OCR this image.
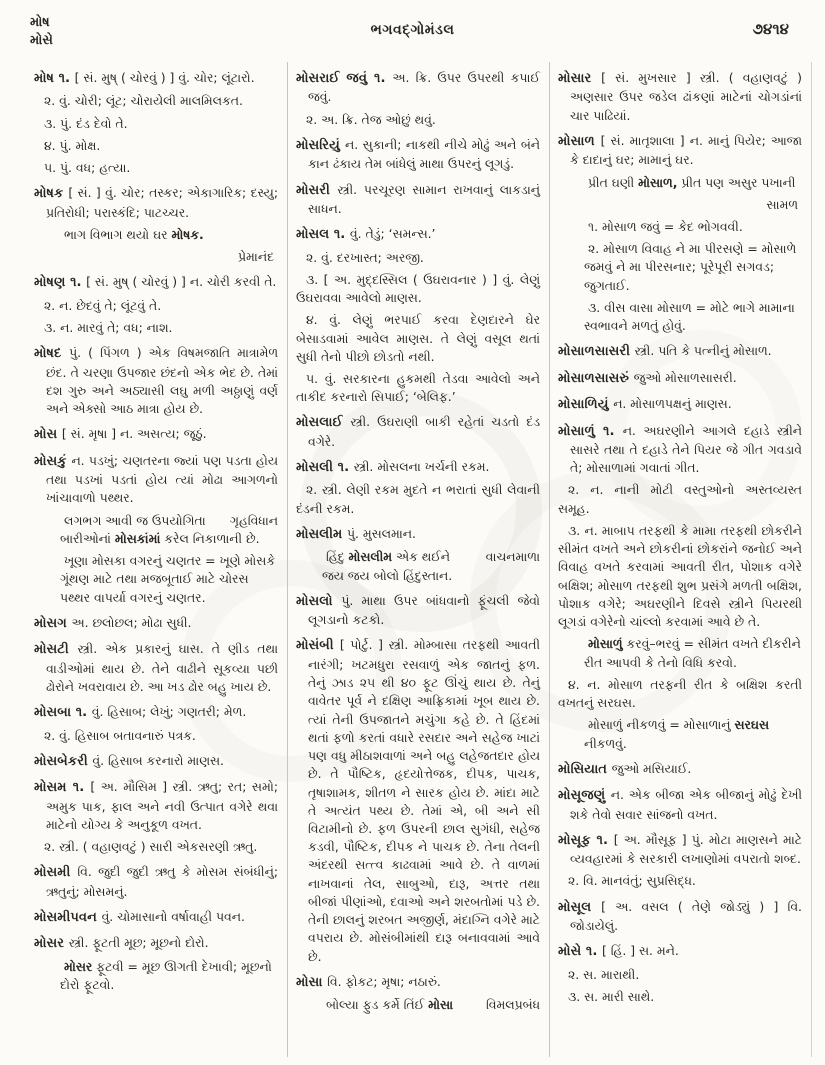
મોષ
મોસે
ભગવદ્ગોમંડલ	૭૪૧૪
મોષ ૧. [ સં. મુષ્ ( ચોરવું ) ] વું. ચોર; લૂંટારો.
૨. વું. ચોરી; લૂંટ; ચોરાયેલી માલમિલકત.
૩. પું. દંડ દેવો તે.
૪. પું. મોક્ષ.
૫. પું. વધ; હત્યા.
મોષક [ સં. ] વું. ચોર; તસ્કર; એકાગારિક; દસ્યુ; પ્રતિરોધી; પરાસ્કંદિ; પાટચ્ચર.
ભાગ વિભાગ થયો ઘર મોષક.
પ્રેમાનંદ
મોષણ ૧. [ સં. મુષ્ ( ચોરવું ) ] ન. ચોરી કરવી તે.
૨. ન. છેદવું તે; લૂંટવું તે.
૩. ન. મારવું તે; વધ; નાશ.
મોષદ પું. ( પિંગળ ) એક વિષમજાતિ માત્રામેળ છંદ. તે ચરણા ઉપજાર છંદનો એક ભેદ છે. તેમાં દશ ગુરુ અને અઠ્યાસી લઘુ મળી અઠ્ઠાણું વર્ણ અને એક્સો આઠ માત્રા હોય છે.
મોસ [ સં. મૃષા ] ન. અસત્ય; જૂઠું.
મોસકું ન. પડખું; ચણતરના જ્યાં પણ પડતા હોય તથા પડખાં પડતાં હોય ત્યાં મોઢા આગળનો ખાંચાવાળો પથ્થર.
ગૃહવિધાન
લગભગ આવી જ ઉપયોગિતા બારીઓનાં મોસકાંમાં કરેલ નિકાળાની છે.
ખૂણા મોસકા વગરનું ચણતર = ખૂણે મોસકે ગૂંથણ માટે તથા મજબૂતાઈ માટે ચોરસ પથ્થર વાપર્યા વગરનું ચણતર.
મોસગ અ. છલોછલ; મોઢા સુધી.
મોસટી સ્ત્રી. એક પ્રકારનું ઘાસ. તે ણીડ તથા વાડીઓમાં થાય છે. તેને વાઢીને સૂકવ્યા પછી ઢોરોને ખવરાવાય છે. આ ખડ ઢોર બહુ ખાય છે.
મોસબા ૧. વું. હિસાબ; લેખું; ગણતરી; મેળ.
૨. વું. હિસાબ બતાવનારું પત્રક.
મોસબેકરી વું. હિસાબ કરનારો માણસ.
મોસમ ૧. [ અ. મૌસિમ ] સ્ત્રી. ઋતુ; રત; સમો; અમુક પાક, ફાલ અને નવી ઉત્પાત વગેરે થવા માટેનો યોગ્ય કે અનુકૂળ વખત.
૨. સ્ત્રી. ( વહાણવટું ) સારી એકસરણી ઋતુ.
મોસમી વિ. જુદી જુદી ઋતુ કે મોસમ સંબંધીનું; ઋતુનું; મોસમનું.
મોસમીપવન વું. ચોમાસાનો વર્ષાવાહી પવન.
મોસર સ્ત્રી. ફૂટતી મૂછ; મૂછનો દોરો.
મોસર ફૂટવી = મૂછ ઊગતી દેખાવી; મૂછનો દોરો ફૂટવો.
મોસરાઈ જવું ૧. અ. ક્રિ. ઉપર ઉપરથી કપાઈ જવું.
૨. અ. ક્રિ. તેજ ઓછું થવું.
મોસરિયું ન. સુકાની; નાકથી નીચે મોઢું અને બંને કાન ઢંકાય તેમ બાંધેલું માથા ઉપરનું લૂગડું.
મોસરી સ્ત્રી. પરચૂરણ સામાન રાખવાનું લાકડાનું સાધન.
મોસલ ૧. વું. તેડું; ‘સમન્સ.’
૨. વું. દરખાસ્ત; અરજી.
૩. [ અ. મુદ્દસ્સિલ ( ઉઘરાવનાર ) ] વું. લેણું ઉઘરાવવા આવેલો માણસ.
૪. વું. લેણું ભરપાઈ કરવા દેણદારને ઘેર બેસાડવામાં આવેલ માણસ. તે લેણું વસૂલ થતાં સુધી તેનો પીછો છોડતો નથી.
૫. વું. સરકારના હુકમથી તેડવા આવેલો અને તાકીદ કરનારો સિપાઈ; ‘બેલિફ.’
મોસલાઈ સ્ત્રી. ઉઘરાણી બાકી રહેતાં ચડતો દંડ વગેરે.
મોસલી ૧. સ્ત્રી. મોસલના ખર્ચની રકમ.
૨. સ્ત્રી. લેણી રકમ મુદતે ન ભરાતાં સુધી લેવાની દંડની રકમ.
મોસલીમ પું. મુસલમાન.
વાચનમાળા
હિંદુ મોસલીમ એક થઈને જય જય બોલો હિંદુસ્તાન.
મોસલો પું. માથા ઉપર બાંધવાનો ફૂંચલી જેવો લૂગડાનો કટકો.
મોસંબી [ પોર્ટુ. ] સ્ત્રી. મોમ્બાસા તરફથી આવતી નારંગી; ખટમધુરા રસવાળું એક જાતનું ફળ. તેનું ઝાડ ૨૫ થી ૪૦ ફૂટ ઊંચું થાય છે. તેનું વાવેતર પૂર્વ ને દક્ષિણ આફ્રિકામાં ખૂબ થાય છે. ત્યાં તેની ઉપજાતને મચુંગા કહે છે. તે હિંદમાં થતાં ફળો કરતાં વધારે રસદાર અને સહેજ ખાટાં પણ વધુ મીઠાશવાળાં અને બહુ લહેજતદાર હોય છે. તે પૌષ્ટિક, હૃદયોત્તેજક, દીપક, પાચક, તૃષાશામક, શીતળ ને સારક હોય છે. માંદા માટે તે અત્યંત પથ્ય છે. તેમાં એ, બી અને સી વિટામીનો છે. ફળ ઉપરની છાલ સુગંધી, સહેજ કડવી, પૌષ્ટિક, દીપક ને પાચક છે. તેના તેલની અંદરથી સત્ત્વ કાઢવામાં આવે છે. તે વાળમાં નાખવાનાં તેલ, સાબુઓ, દારૂ, અત્તર તથા બીજાં પીણાંઓ, દવાઓ અને શરબતોમાં પડે છે. તેની છાલનું શરબત અજીર્ણ, મંદાગ્નિ વગેરે માટે વપરાય છે. મોસંબીમાંથી દારૂ બનાવવામાં આવે છે.
મોસા વિ. ફોકટ; મૃષા; નઠારું.
વિમલપ્રબંધ
બોલ્યા ફુડ કર્મે તિંઈ મોસા
મોસાર [ સં. મુખસાર ] સ્ત્રી. ( વહાણવટું ) અણસાર ઉપર જડેલ ઢાંકણાં માટેનાં ચોગડાંનાં ચાર પાઢિયાં.
મોસાળ [ સં. માતૃશાલા ] ન. માનું પિયેર; આજા કે દાદાનું ઘર; મામાનું ઘર.
પ્રીત ઘણી મોસાળ, પ્રીત પણ અસુર પખાની
સામળ
૧. મોસાળ જવું = કેદ ભોગવવી.
૨. મોસાળ વિવાહ ને મા પીરસણે = મોસાળે જમવું ને મા પીરસનાર; પૂરેપૂરી સગવડ; જુગતાઈ.
૩. વીસ વાસા મોસાળ = મોટે ભાગે મામાના સ્વભાવને મળતું હોવું.
મોસાળસાસરી સ્ત્રી. પતિ કે પત્નીનું મોસાળ.
મોસાળસાસરું જુઓ મોસાળસાસરી.
મોસાળિયું ન. મોસાળપક્ષનું માણસ.
મોસાળું ૧. ન. અઘરણીને આગલે દહાડે સ્ત્રીને સાસરે તથા તે દહાડે તેને પિયર જે ગીત ગવડાવે તે; મોસાળામાં ગવાતાં ગીત.
૨. ન. નાની મોટી વસ્તુઓનો અસ્તવ્યસ્ત સમૂહ.
૩. ન. માબાપ તરફથી કે મામા તરફથી છોકરીને સીમંત વખતે અને છોકરીનાં છોકરાંને જનોઈ અને વિવાહ વખતે કરવામાં આવતી રીત, પોશાક વગેરે બક્ષિશ; મોસાળ તરફથી શુભ પ્રસંગે મળતી બક્ષિશ, પોશાક વગેરે; અઘરણીને દિવસે સ્ત્રીને પિયરથી લૂગડાં વગેરેનો ચાંલ્લો કરવામાં આવે છે તે.
મોસાળું કરવું–ભરવું = સીમંત વખતે દીકરીને રીત આપવી કે તેનો વિધિ કરવો.
૪. ન. મોસાળ તરફની રીત કે બક્ષિશ કરતી વખતનું સરઘસ.
મોસાળું નીકળવું = મોસાળાનું સરઘસ નીકળવું.
મોસિયાત જુઓ મસિયાઈ.
મોસૂજણું ન. એક બીજા એક બીજાનું મોઢું દેખી શકે તેવો સવાર સાંજનો વખત.
મોસૂફ ૧. [ અ. મૌસૂફ ] પું. મોટા માણસને માટે વ્યવહારમાં કે સરકારી લખાણોમાં વપરાતો શબ્દ.
૨. વિ. માનવંતું; સુપ્રસિદ્ધ.
મોસૂલ [ અ. વસલ ( તેણે જોડ્યું ) ] વિ. જોડાયેલું.
મોસે ૧. [ હિં. ] સ. મને.
૨. સ. મારાથી.
૩. સ. મારી સાથે.
